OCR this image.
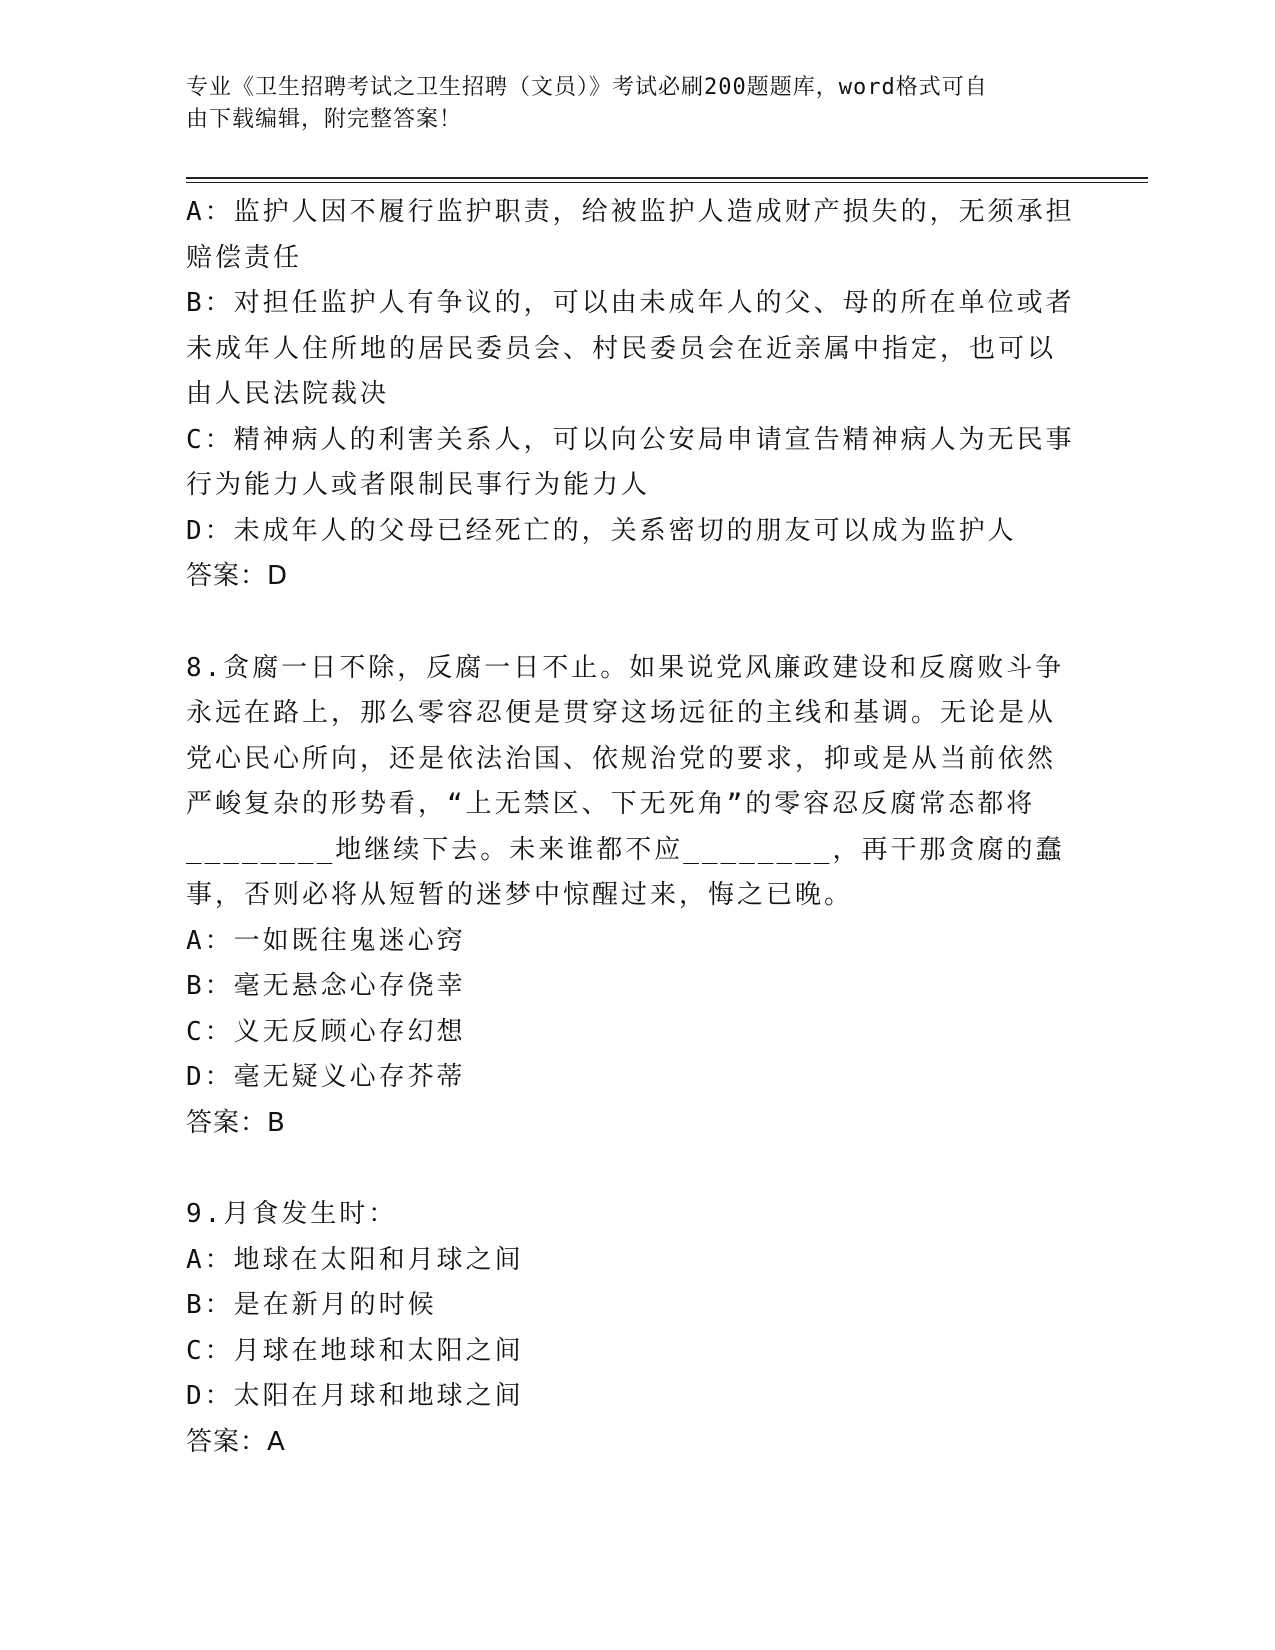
专业《卫生招聘考试之卫生招聘（文员）》考试必刷200题题库，word格式可自
由下载编辑，附完整答案！

A：监护人因不履行监护职责，给被监护人造成财产损失的，无须承担赔偿责任

B：对担任监护人有争议的，可以由未成年人的父、母的所在单位或者未成年人住所地的居民委员会、村民委员会在近亲属中指定，也可以由人民法院裁决

C：精神病人的利害关系人，可以向公安局申请宣告精神病人为无民事行为能力人或者限制民事行为能力人

D：未成年人的父母已经死亡的，关系密切的朋友可以成为监护人

答案：D

8.贪腐一日不除，反腐一日不止。如果说党风廉政建设和反腐败斗争永远在路上，那么零容忍便是贯穿这场远征的主线和基调。无论是从党心民心所向，还是依法治国、依规治党的要求，抑或是从当前依然严峻复杂的形势看，“上无禁区、下无死角”的零容忍反腐常态都将________地继续下去。未来谁都不应________，再干那贪腐的蠢事，否则必将从短暂的迷梦中惊醒过来，悔之已晚。

A：一如既往鬼迷心窍

B：毫无悬念心存侥幸

C：义无反顾心存幻想

D：毫无疑义心存芥蒂

答案：B

9.月食发生时：

A：地球在太阳和月球之间

B：是在新月的时候

C：月球在地球和太阳之间

D：太阳在月球和地球之间

答案：A
